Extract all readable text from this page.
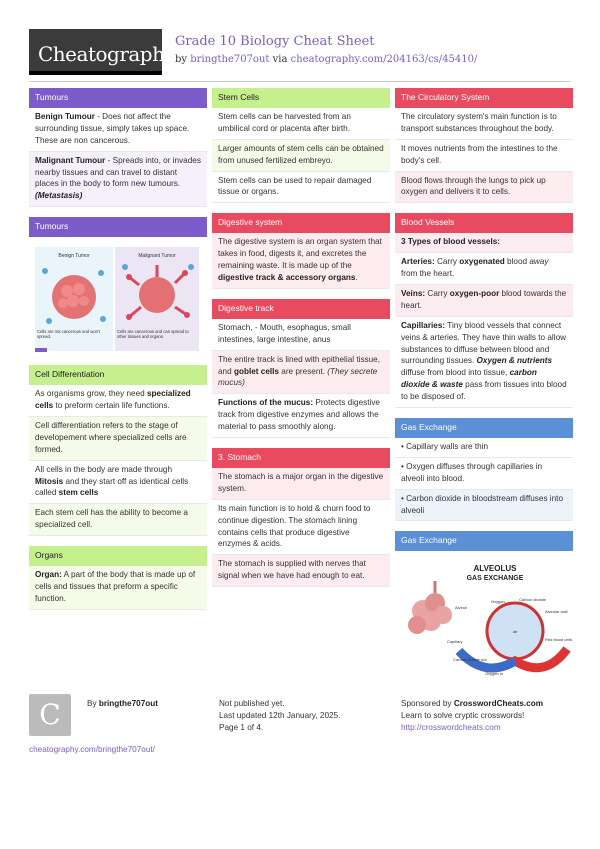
Cheatography
Grade 10 Biology Cheat Sheet
by bringthe707out via cheatography.com/204163/cs/45410/
Tumours
Benign Tumour - Does not affect the surrounding tissue, simply takes up space. These are non cancerous.
Malignant Tumour - Spreads into, or invades nearby tissues and can travel to distant places in the body to form new tumours. (Metastasis)
Tumours
Benign Tumor	Malignant Tumor
Cells are not cancerous and won't spread.
Cells are cancerous and can spread to other tissues and organs.
Cell Differentiation
As organisms grow, they need specialized cells to preform certain life functions.
Cell differentiation refers to the stage of developement where specialized cells are formed.
All cells in the body are made through Mitosis and they start off as identical cells called stem cells
Each stem cell has the ability to become a specialized cell.
Organs
Organ: A part of the body that is made up of cells and tissues that preform a specific function.
Stem Cells
Stem cells can be harvested from an umbilical cord or placenta after birth.
Larger amounts of stem cells can be obtained from unused fertilized embreyo.
Stem cells can be used to repair damaged tissue or organs.
Digestive system
The digestive system is an organ system that takes in food, digests it, and excretes the remaining waste. It is made up of the digestive track & accessory organs.
Digestive track
Stomach, - Mouth, esophagus, small intestines, large intestine, anus
The entire track is lined with epithelial tissue, and goblet cells are present. (They secrete mucus)
Functions of the mucus: Protects digestive track from digestive enzymes and allows the material to pass smoothly along.
3. Stomach
The stomach is a major organ in the digestive system.
Its main function is to hold & churn food to continue digestion. The stomach lining contains cells that produce digestive enzymes & acids.
The stomach is supplied with nerves that signal when we have had enough to eat.
The Circulatory System
The circulatory system's main function is to transport substances throughout the body.
It moves nutrients from the intestines to the body's cell.
Blood flows through the lungs to pick up oxygen and delivers it to cells.
Blood Vessels
3 Types of blood vessels:
Arteries: Carry oxygenated blood away from the heart.
Veins: Carry oxygen-poor blood towards the heart.
Capillaries: Tiny blood vessels that connect veins & arteries. They have thin walls to allow substances to diffuse between blood and surrounding tissues. Oxygen & nutrients diffuse from blood into tissue, carbon dioxide & waste pass from tissues into blood to be disposed of.
Gas Exchange
• Capillary walls are thin
• Oxygen diffuses through capillaries in alveoli into blood.
• Carbon dioxide in bloodstream diffuses into alveoli
Gas Exchange
ALVEOLUS
GAS EXCHANGE
Alveoli
Oxygen	Carbon dioxide
Alveolar wall
air
Capillary
Carbon dioxide out
Oxygen in
Red blood cells
C	By bringthe707out
cheatography.com/bringthe707out/
Not published yet.
Last updated 12th January, 2025.
Page 1 of 4.
Sponsored by CrosswordCheats.com
Learn to solve cryptic crosswords!
http://crosswordcheats.com
